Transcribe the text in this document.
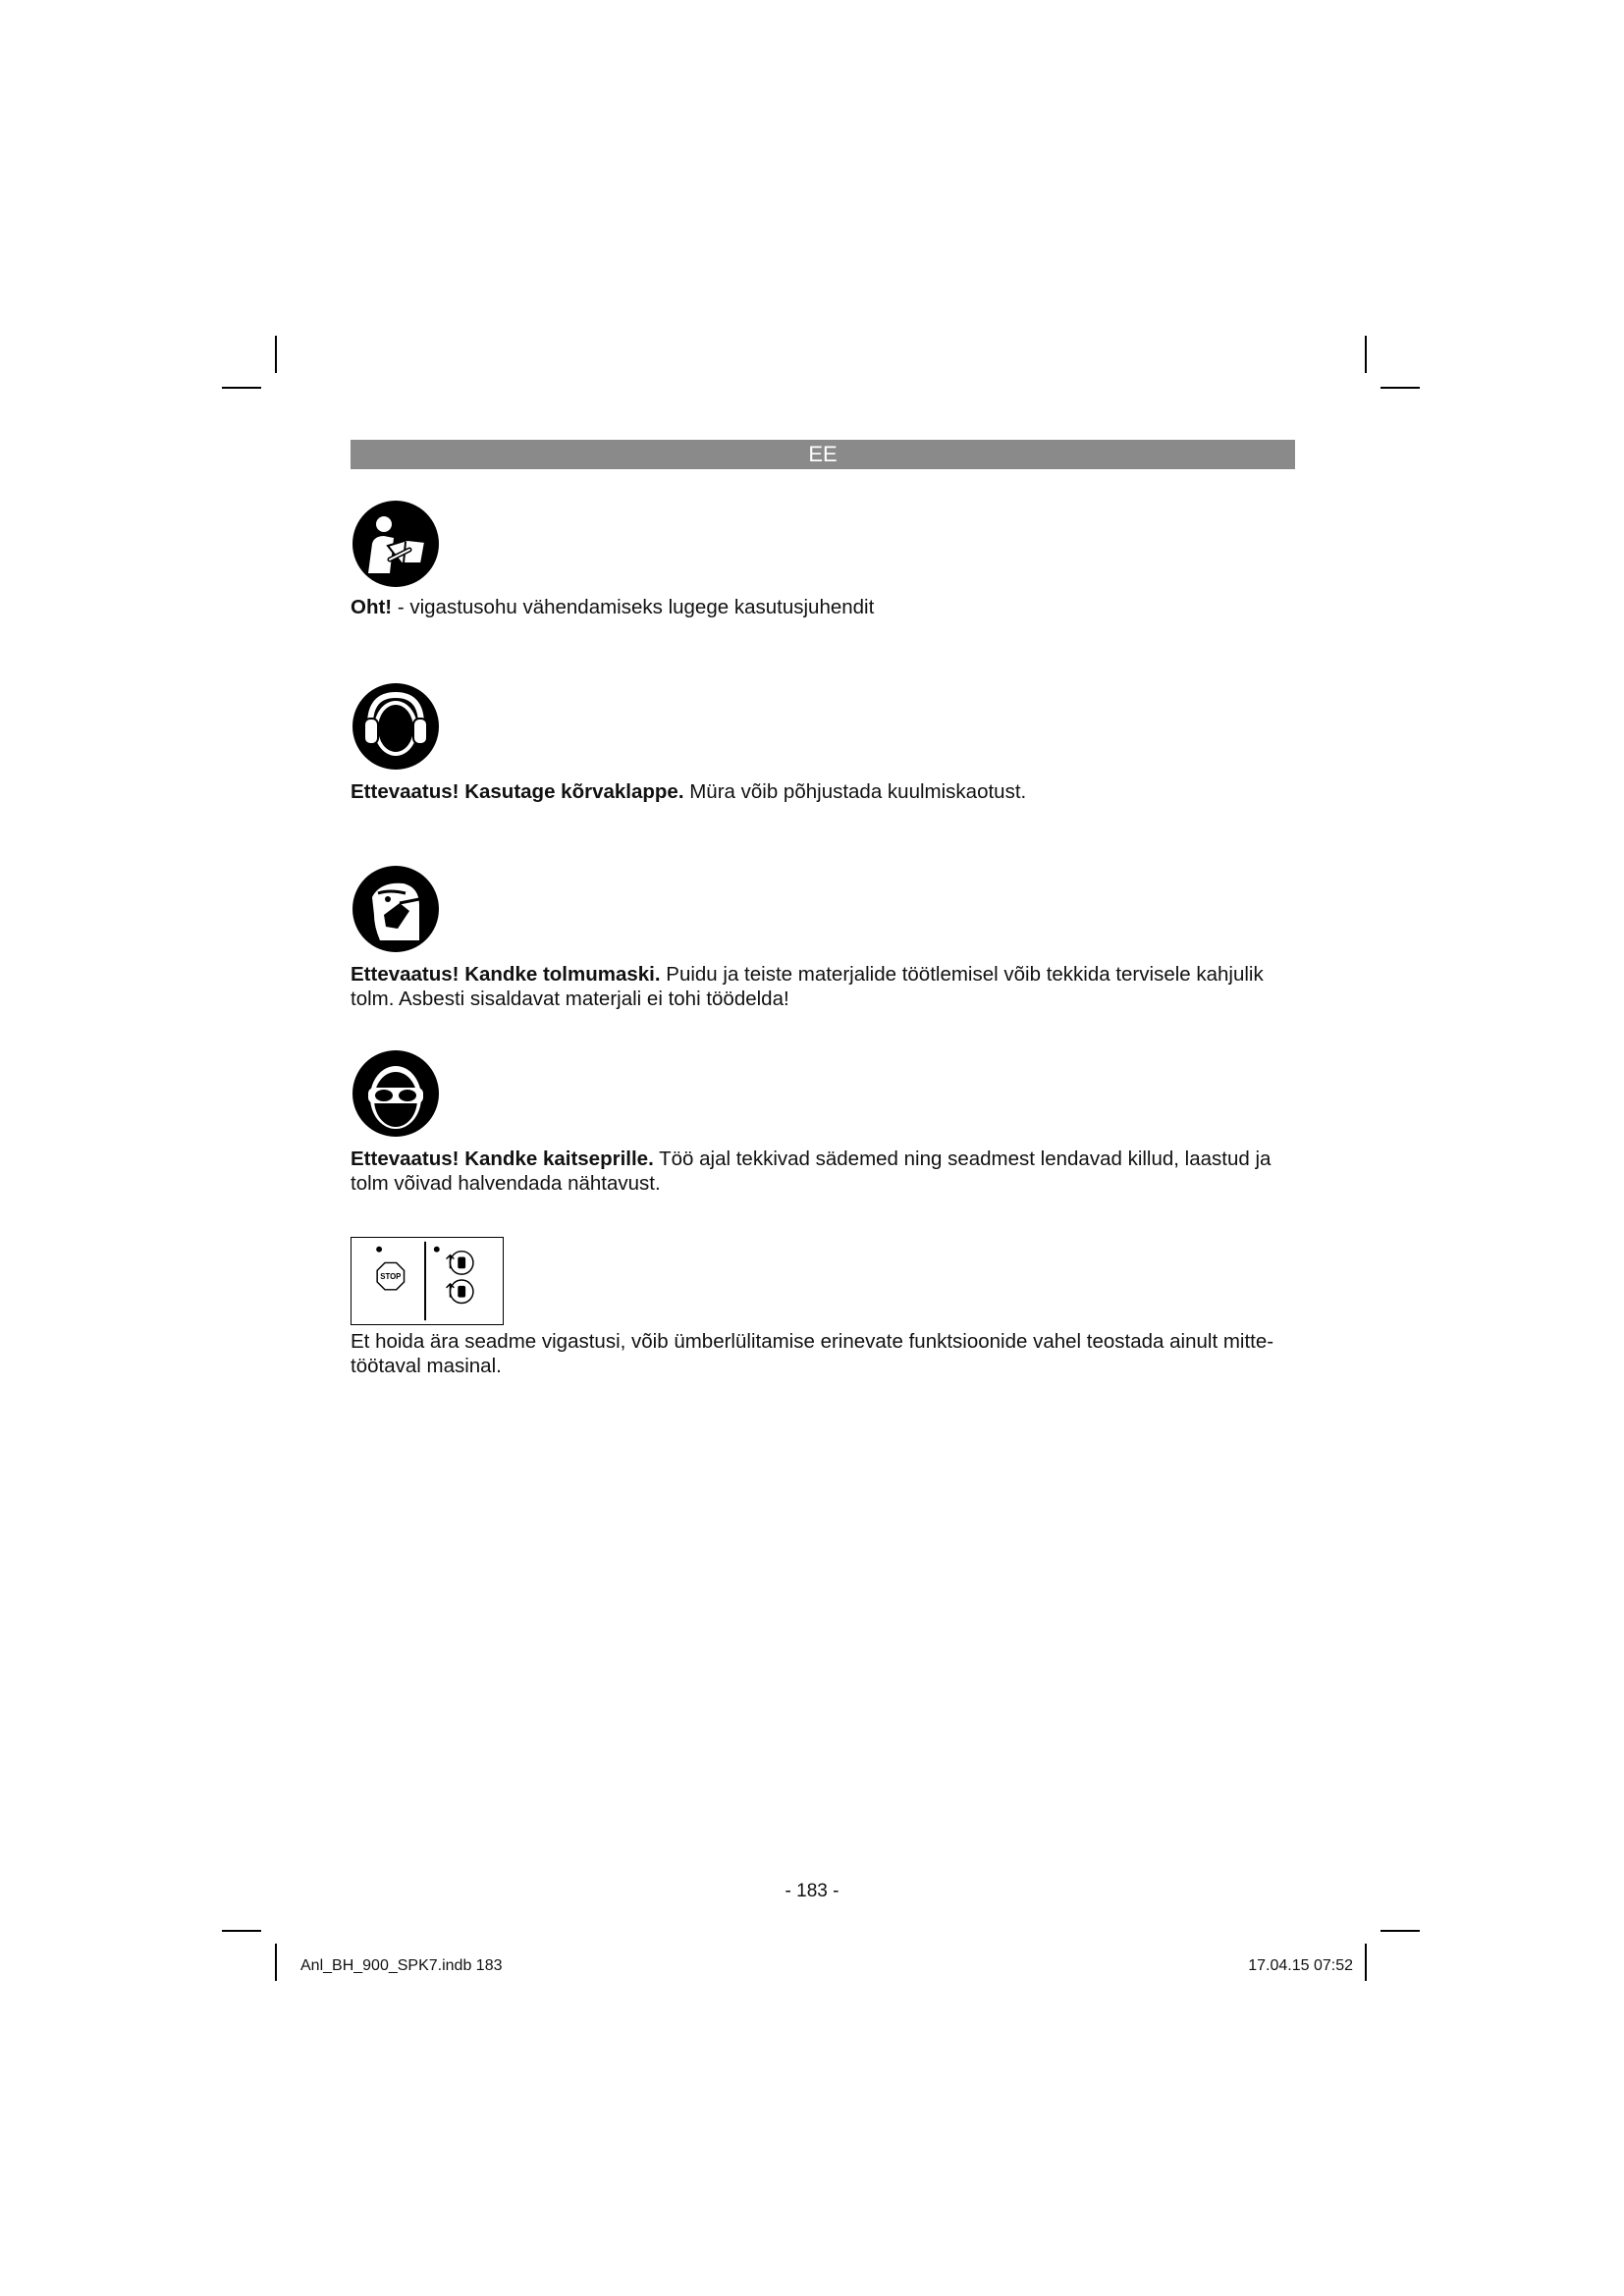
EE

Oht! - vigastusohu vähendamiseks lugege kasutusjuhendit

Ettevaatus! Kasutage kõrvaklappe. Müra võib põhjustada kuulmiskaotust.

Ettevaatus! Kandke tolmumaski. Puidu ja teiste materjalide töötlemisel võib tekkida tervisele kahjulik tolm. Asbesti sisaldavat materjali ei tohi töödelda!

Ettevaatus! Kandke kaitseprille. Töö ajal tekkivad sädemed ning seadmest lendavad killud, laastud ja tolm võivad halvendada nähtavust.

STOP

Et hoida ära seadme vigastusi, võib ümberlülitamise erinevate funktsioonide vahel teostada ainult mitte-töötaval masinal.

- 183 -
Anl_BH_900_SPK7.indb 183	17.04.15 07:52
